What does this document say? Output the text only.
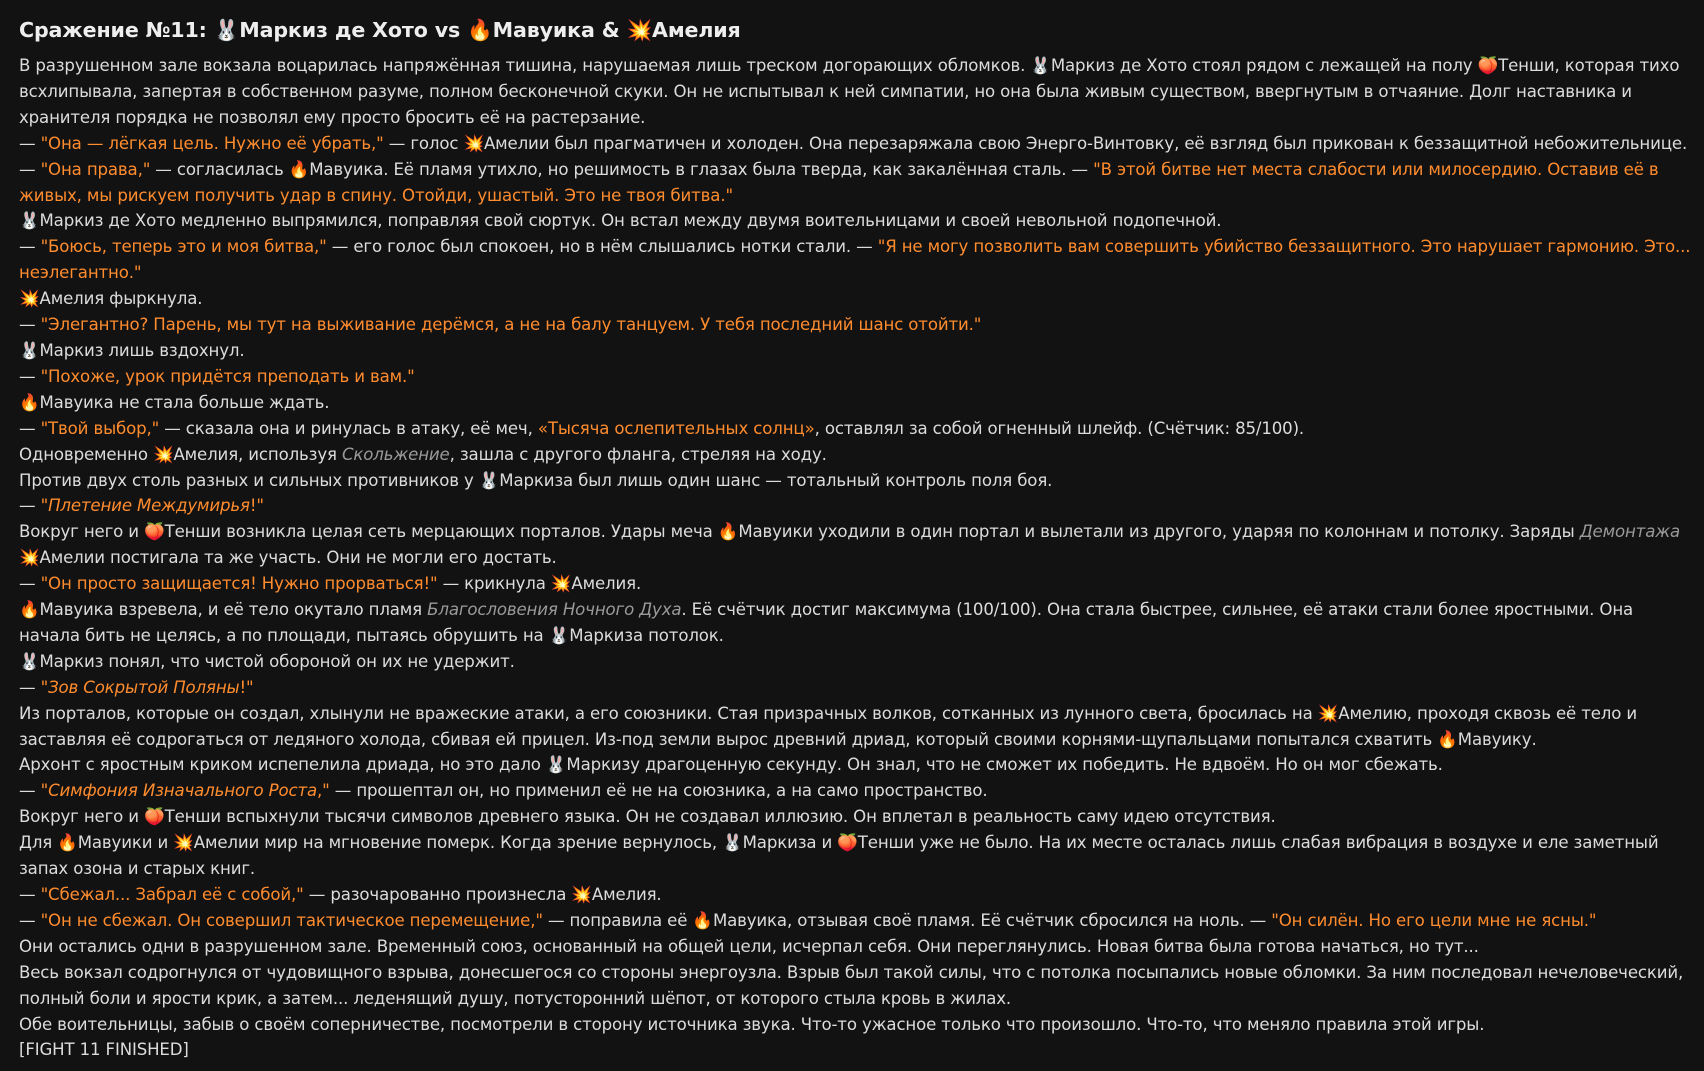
Сражение №11: 🐰Маркиз де Хото vs 🔥Мавуика & 💥Амелия
В разрушенном зале вокзала воцарилась напряжённая тишина, нарушаемая лишь треском догорающих обломков. 🐰Маркиз де Хото стоял рядом с лежащей на полу 🍑Тенши, которая тихо всхлипывала, запертая в собственном разуме, полном бесконечной скуки. Он не испытывал к ней симпатии, но она была живым существом, ввергнутым в отчаяние. Долг наставника и хранителя порядка не позволял ему просто бросить её на растерзание.
— "Она — лёгкая цель. Нужно её убрать," — голос 💥Амелии был прагматичен и холоден. Она перезаряжала свою Энерго-Винтовку, её взгляд был прикован к беззащитной небожительнице.
— "Она права," — согласилась 🔥Мавуика. Её пламя утихло, но решимость в глазах была тверда, как закалённая сталь. — "В этой битве нет места слабости или милосердию. Оставив её в живых, мы рискуем получить удар в спину. Отойди, ушастый. Это не твоя битва."
🐰Маркиз де Хото медленно выпрямился, поправляя свой сюртук. Он встал между двумя воительницами и своей невольной подопечной.
— "Боюсь, теперь это и моя битва," — его голос был спокоен, но в нём слышались нотки стали. — "Я не могу позволить вам совершить убийство беззащитного. Это нарушает гармонию. Это... неэлегантно."
💥Амелия фыркнула.
— "Элегантно? Парень, мы тут на выживание дерёмся, а не на балу танцуем. У тебя последний шанс отойти."
🐰Маркиз лишь вздохнул.
— "Похоже, урок придётся преподать и вам."
🔥Мавуика не стала больше ждать.
— "Твой выбор," — сказала она и ринулась в атаку, её меч, «Тысяча ослепительных солнц», оставлял за собой огненный шлейф. (Счётчик: 85/100).
Одновременно 💥Амелия, используя Скольжение, зашла с другого фланга, стреляя на ходу.
Против двух столь разных и сильных противников у 🐰Маркиза был лишь один шанс — тотальный контроль поля боя.
— "Плетение Междумирья!"
Вокруг него и 🍑Тенши возникла целая сеть мерцающих порталов. Удары меча 🔥Мавуики уходили в один портал и вылетали из другого, ударяя по колоннам и потолку. Заряды Демонтажа 💥Амелии постигала та же участь. Они не могли его достать.
— "Он просто защищается! Нужно прорваться!" — крикнула 💥Амелия.
🔥Мавуика взревела, и её тело окутало пламя Благословения Ночного Духа. Её счётчик достиг максимума (100/100). Она стала быстрее, сильнее, её атаки стали более яростными. Она начала бить не целясь, а по площади, пытаясь обрушить на 🐰Маркиза потолок.
🐰Маркиз понял, что чистой обороной он их не удержит.
— "Зов Сокрытой Поляны!"
Из порталов, которые он создал, хлынули не вражеские атаки, а его союзники. Стая призрачных волков, сотканных из лунного света, бросилась на 💥Амелию, проходя сквозь её тело и заставляя её содрогаться от ледяного холода, сбивая ей прицел. Из-под земли вырос древний дриад, который своими корнями-щупальцами попытался схватить 🔥Мавуику.
Архонт с яростным криком испепелила дриада, но это дало 🐰Маркизу драгоценную секунду. Он знал, что не сможет их победить. Не вдвоём. Но он мог сбежать.
— "Симфония Изначального Роста," — прошептал он, но применил её не на союзника, а на само пространство.
Вокруг него и 🍑Тенши вспыхнули тысячи символов древнего языка. Он не создавал иллюзию. Он вплетал в реальность саму идею отсутствия.
Для 🔥Мавуики и 💥Амелии мир на мгновение померк. Когда зрение вернулось, 🐰Маркиза и 🍑Тенши уже не было. На их месте осталась лишь слабая вибрация в воздухе и еле заметный запах озона и старых книг.
— "Сбежал... Забрал её с собой," — разочарованно произнесла 💥Амелия.
— "Он не сбежал. Он совершил тактическое перемещение," — поправила её 🔥Мавуика, отзывая своё пламя. Её счётчик сбросился на ноль. — "Он силён. Но его цели мне не ясны."
Они остались одни в разрушенном зале. Временный союз, основанный на общей цели, исчерпал себя. Они переглянулись. Новая битва была готова начаться, но тут...
Весь вокзал содрогнулся от чудовищного взрыва, донесшегося со стороны энергоузла. Взрыв был такой силы, что с потолка посыпались новые обломки. За ним последовал нечеловеческий, полный боли и ярости крик, а затем... леденящий душу, потусторонний шёпот, от которого стыла кровь в жилах.
Обе воительницы, забыв о своём соперничестве, посмотрели в сторону источника звука. Что-то ужасное только что произошло. Что-то, что меняло правила этой игры.
[FIGHT 11 FINISHED]
